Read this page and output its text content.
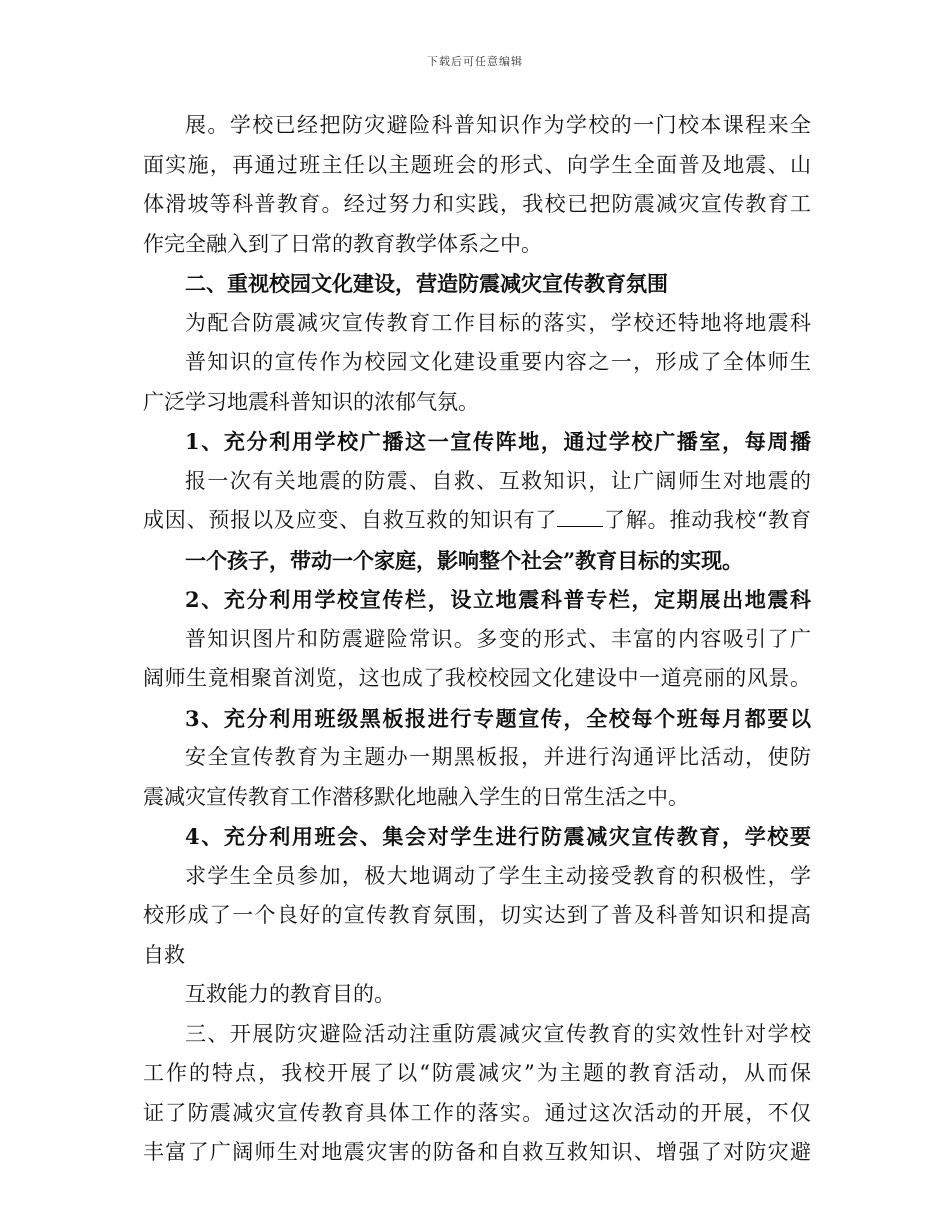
下载后可任意编辑
展。学校已经把防灾避险科普知识作为学校的一门校本课程来全
面实施，再通过班主任以主题班会的形式、向学生全面普及地震、山
体滑坡等科普教育。经过努力和实践，我校已把防震减灾宣传教育工
作完全融入到了日常的教育教学体系之中。
二、重视校园文化建设，营造防震减灾宣传教育氛围
为配合防震减灾宣传教育工作目标的落实，学校还特地将地震科
普知识的宣传作为校园文化建设重要内容之一，形成了全体师生
广泛学习地震科普知识的浓郁气氛。
1、充分利用学校广播这一宣传阵地，通过学校广播室，每周播
报一次有关地震的防震、自救、互救知识，让广阔师生对地震的
成因、预报以及应变、自救互救的知识有了 了解。推动我校“教育
一个孩子，带动一个家庭，影响整个社会”教育目标的实现。
2、充分利用学校宣传栏，设立地震科普专栏，定期展出地震科
普知识图片和防震避险常识。多变的形式、丰富的内容吸引了广
阔师生竟相聚首浏览，这也成了我校校园文化建设中一道亮丽的风景。
3、充分利用班级黑板报进行专题宣传，全校每个班每月都要以
安全宣传教育为主题办一期黑板报，并进行沟通评比活动，使防
震减灾宣传教育工作潜移默化地融入学生的日常生活之中。
4、充分利用班会、集会对学生进行防震减灾宣传教育，学校要
求学生全员参加，极大地调动了学生主动接受教育的积极性，学
校形成了一个良好的宣传教育氛围，切实达到了普及科普知识和提高
自救
互救能力的教育目的。
三、开展防灾避险活动注重防震减灾宣传教育的实效性针对学校
工作的特点，我校开展了以“防震减灾”为主题的教育活动，从而保
证了防震减灾宣传教育具体工作的落实。通过这次活动的开展，不仅
丰富了广阔师生对地震灾害的防备和自救互救知识、增强了对防灾避
